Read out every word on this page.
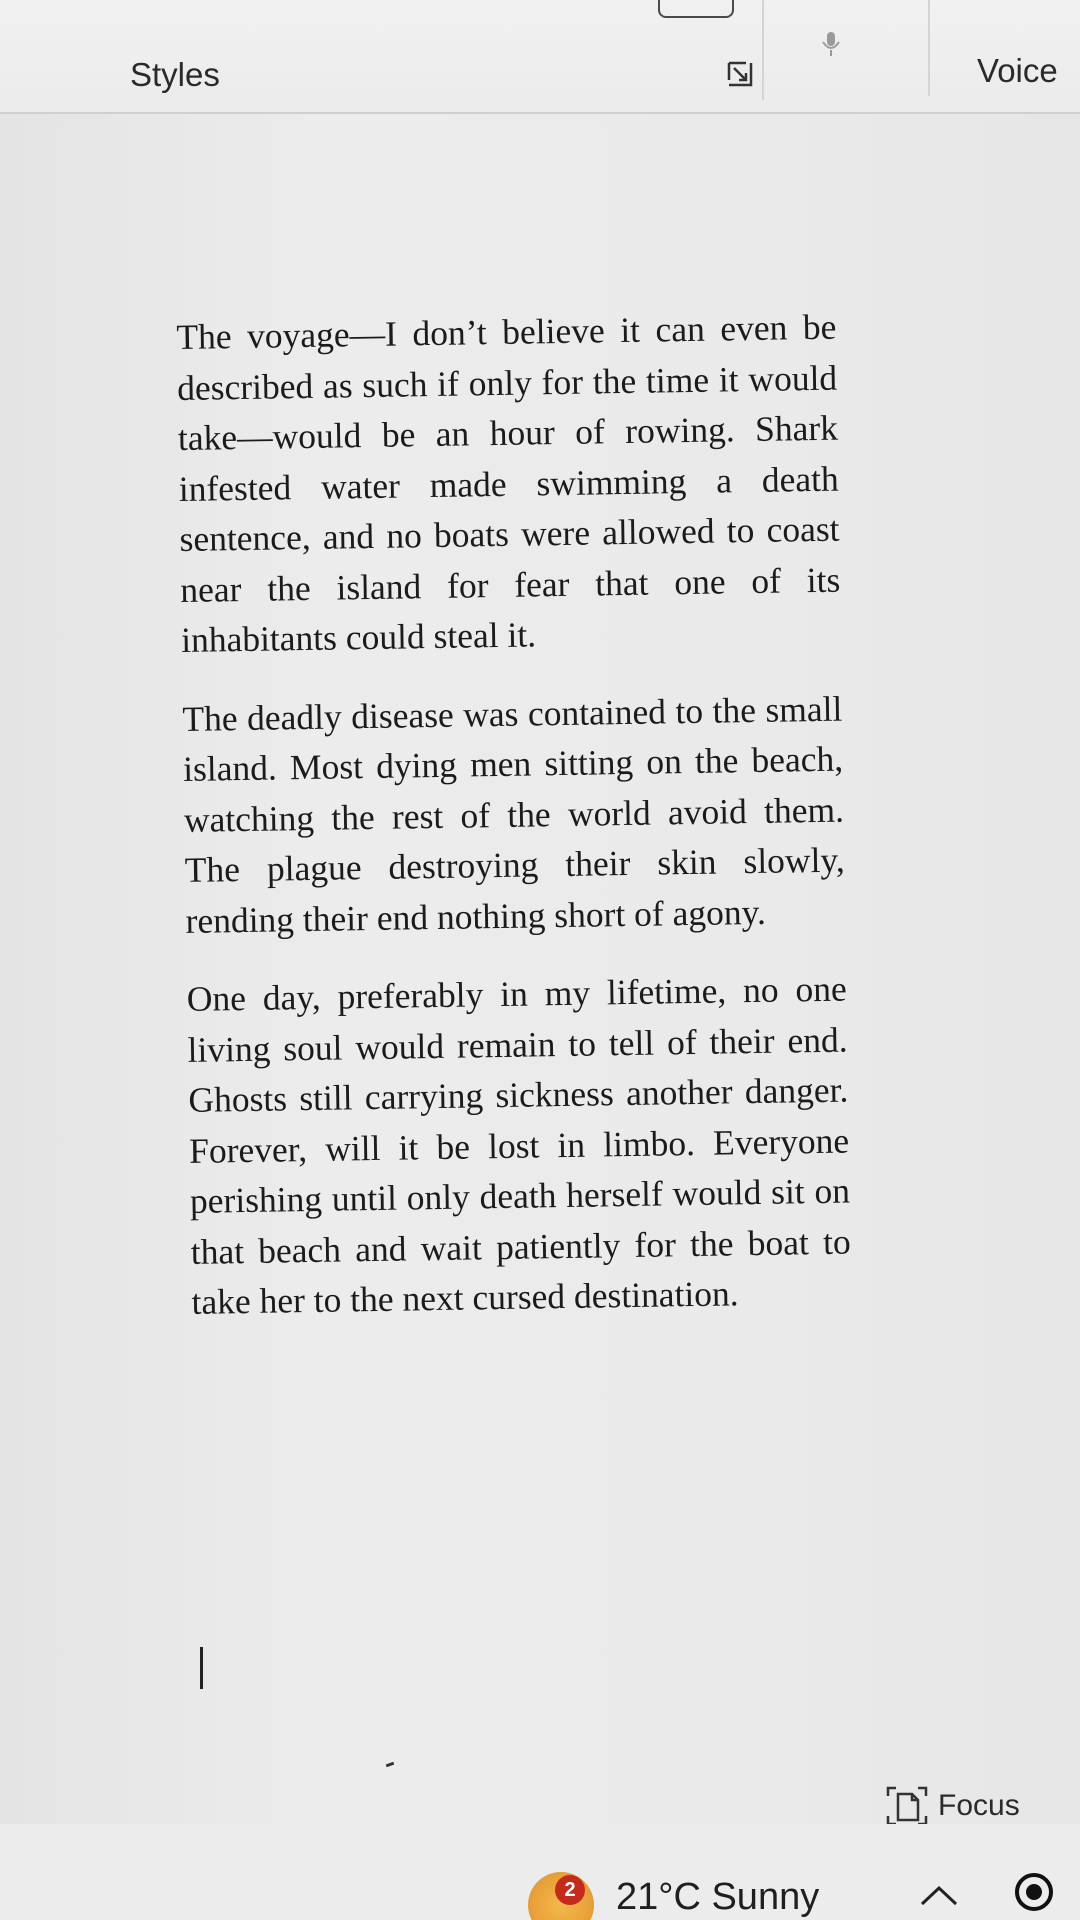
Styles	Voice

The voyage—I don’t believe it can even be described as such if only for the time it would take—would be an hour of rowing. Shark infested water made swimming a death sentence, and no boats were allowed to coast near the island for fear that one of its inhabitants could steal it.

The deadly disease was contained to the small island. Most dying men sitting on the beach, watching the rest of the world avoid them. The plague destroying their skin slowly, rending their end nothing short of agony.

One day, preferably in my lifetime, no one living soul would remain to tell of their end. Ghosts still carrying sickness another danger. Forever, will it be lost in limbo. Everyone perishing until only death herself would sit on that beach and wait patiently for the boat to take her to the next cursed destination.

Focus
2 21°C Sunny
